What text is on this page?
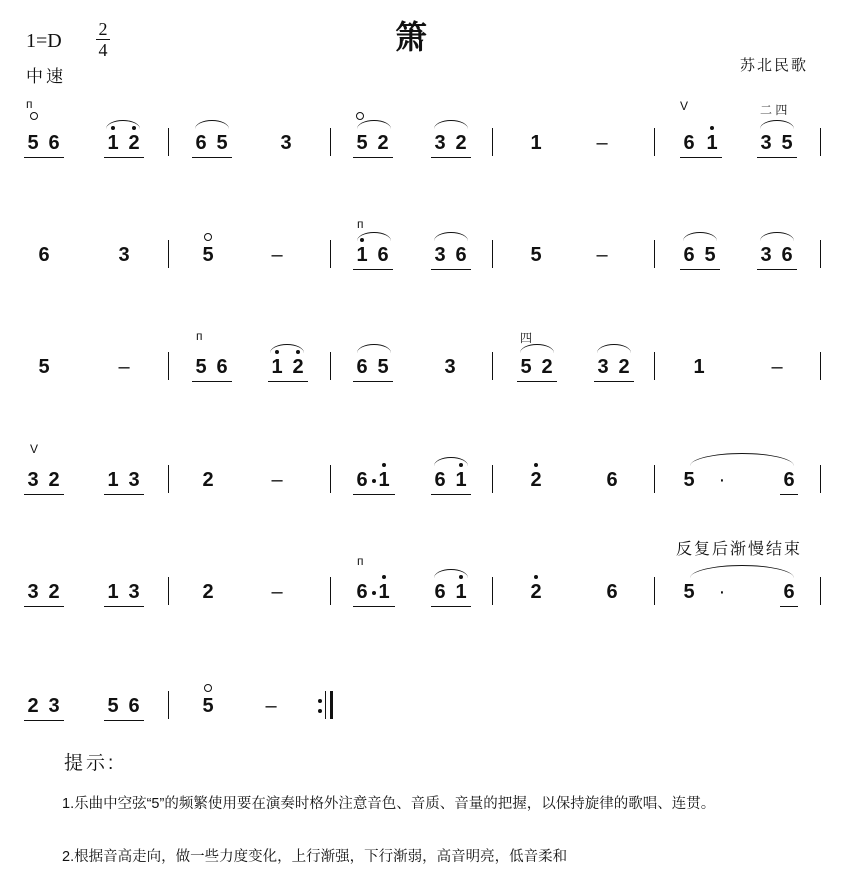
1=D
2
4
中速
箫
苏北民歌
п
5 6 1 2	6 5	3	5 2 3 2	1	–
V
6 1
二 四
3 5
6	3	5	–
п
1 6 3 6	5	–	6 5 3 6
5	–
п
5 6 1 2	6 5	3
四
5 2 3 2	1	–
V
3 2 1 3	2	–	6 1 6 1	2	6	5 ·	6
反复后渐慢结束
3 2 1 3	2	–
п
6 1 6 1	2	6	5 ·	6
2 3 5 6	5	–
提示:
1.乐曲中空弦“5”的频繁使用要在演奏时格外注意音色、音质、音量的把握，以保持旋律的歌唱、连贯。
2.根据音高走向，做一些力度变化，上行渐强，下行渐弱，高音明亮，低音柔和
